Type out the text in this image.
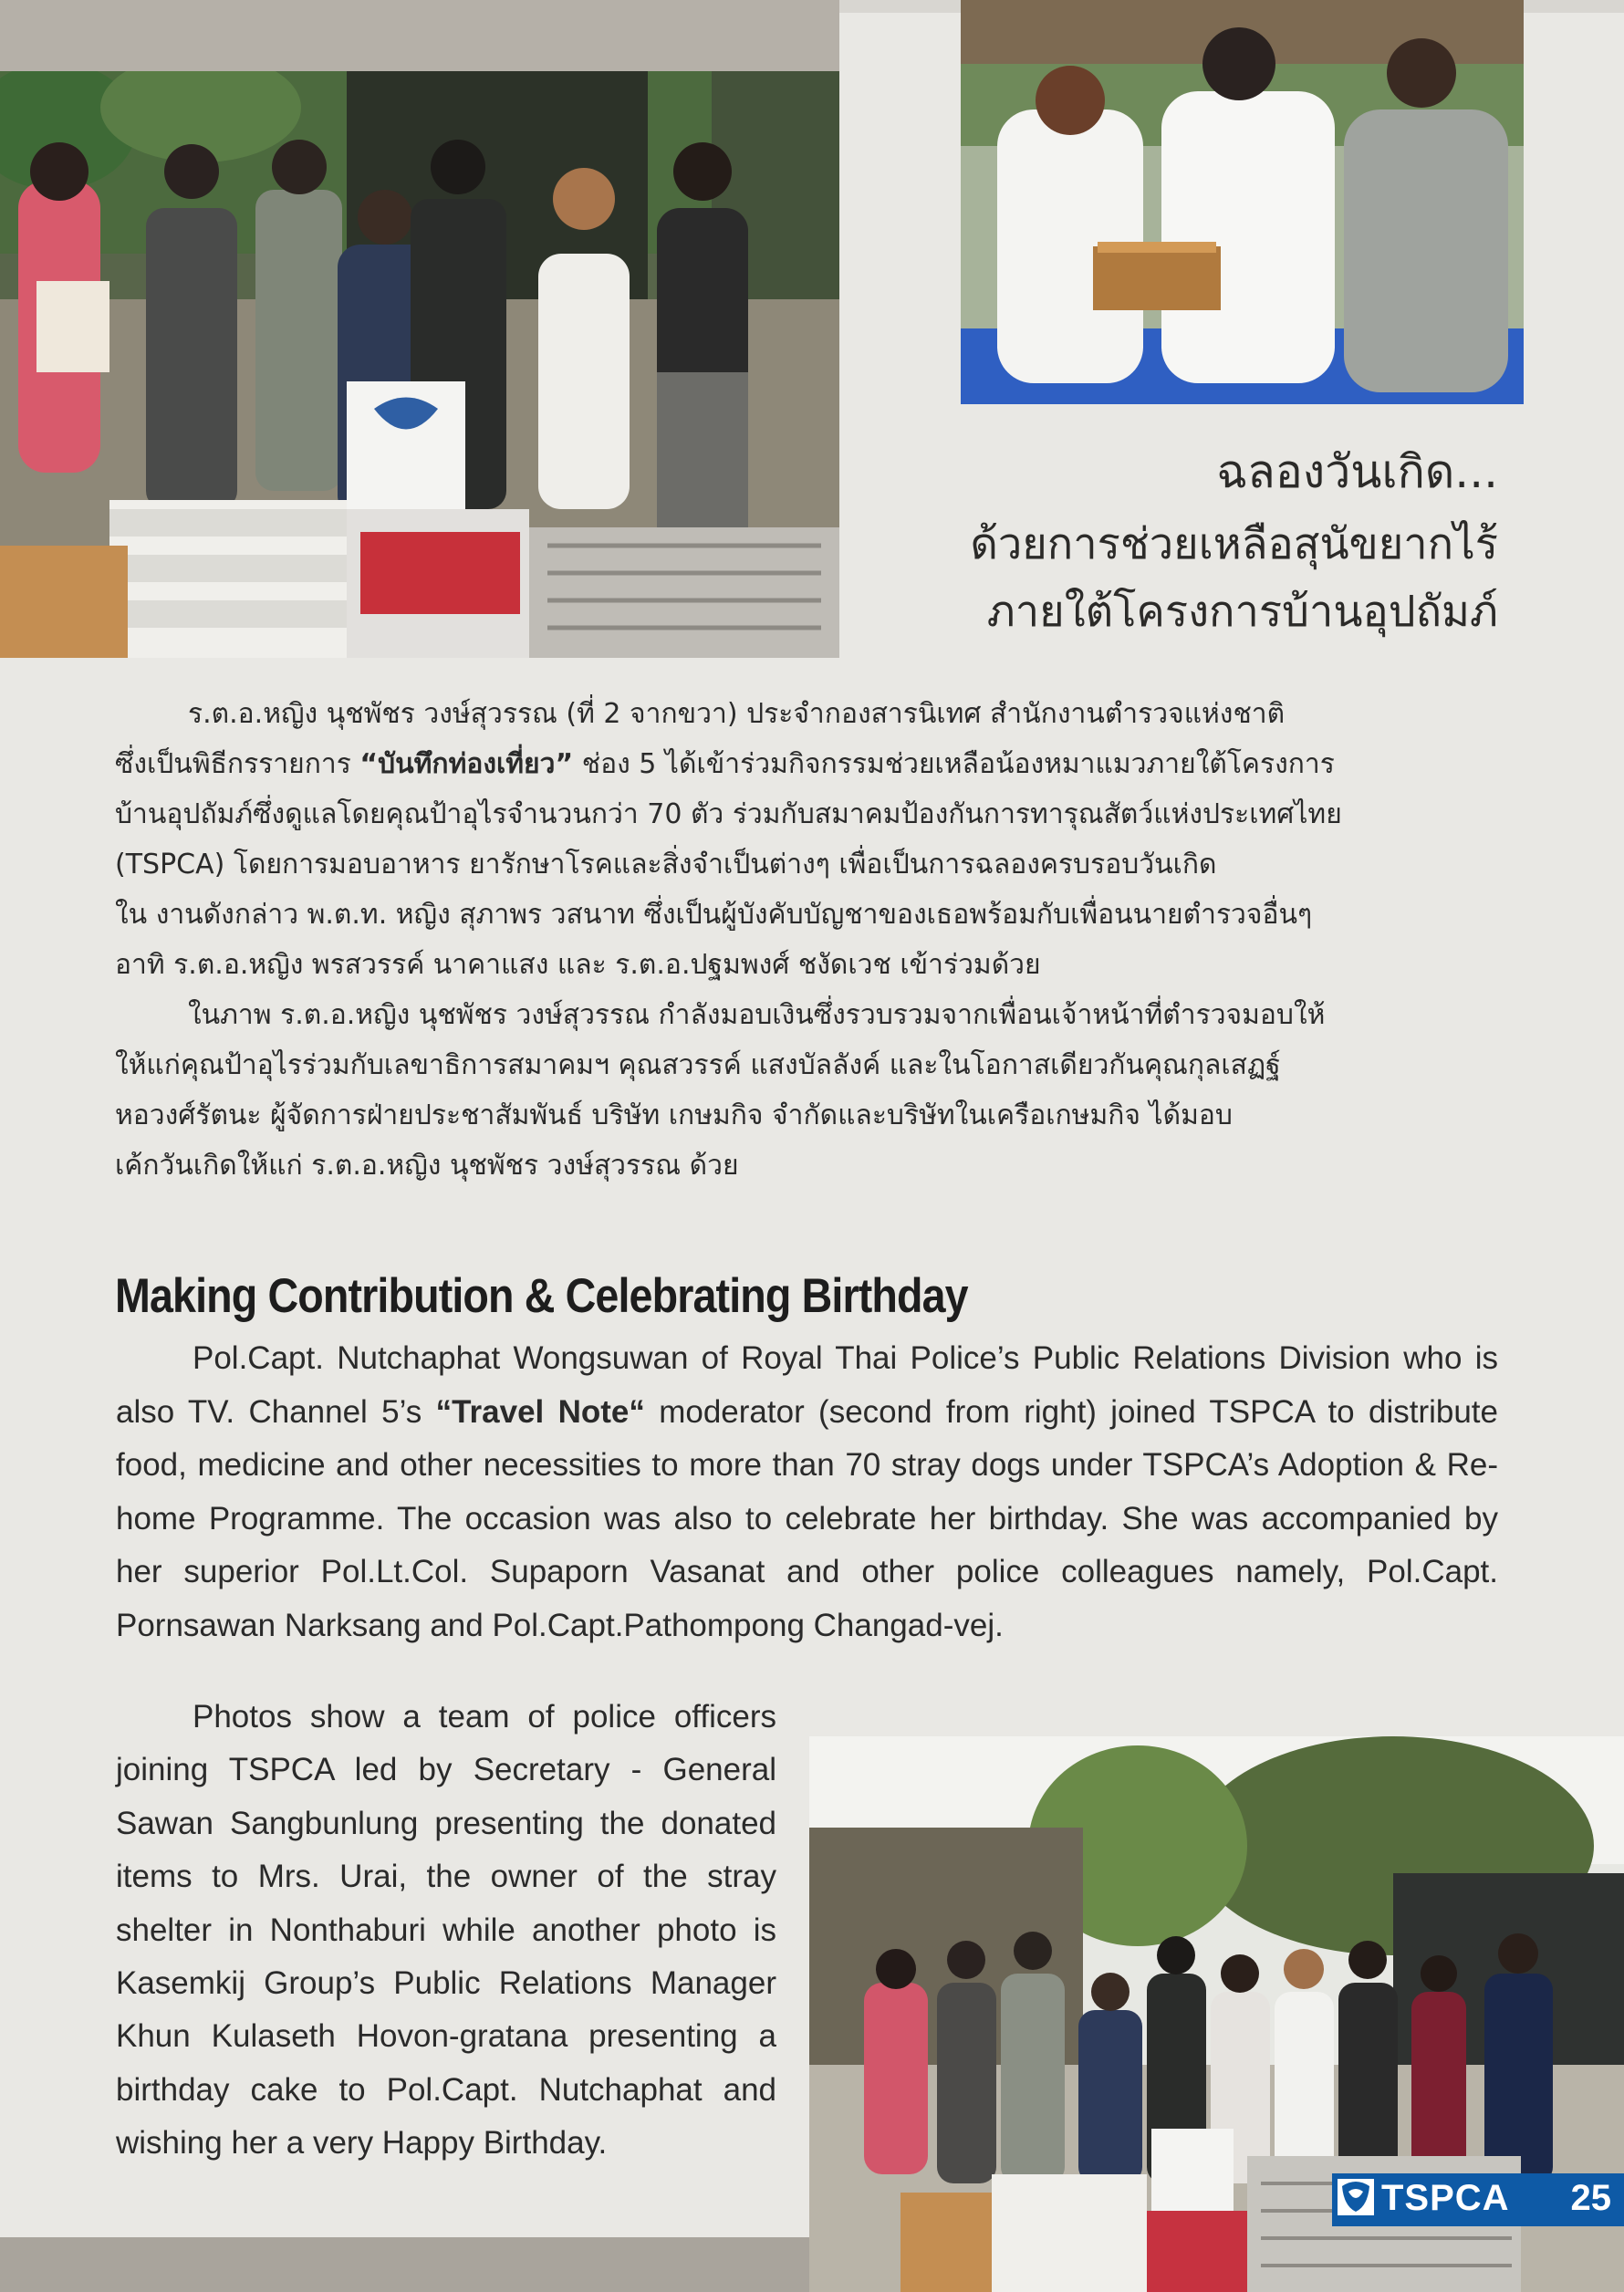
ฉลองวันเกิด...
ด้วยการช่วยเหลือสุนัขยากไร้
ภายใต้โครงการบ้านอุปถัมภ์

ร.ต.อ.หญิง นุชพัชร วงษ์สุวรรณ (ที่ 2 จากขวา) ประจำกองสารนิเทศ สำนักงานตำรวจแห่งชาติ

ซึ่งเป็นพิธีกรรายการ “บันทึกท่องเที่ยว” ช่อง 5 ได้เข้าร่วมกิจกรรมช่วยเหลือน้องหมาแมวภายใต้โครงการ

บ้านอุปถัมภ์ซึ่งดูแลโดยคุณป้าอุไรจำนวนกว่า 70 ตัว ร่วมกับสมาคมป้องกันการทารุณสัตว์แห่งประเทศไทย

(TSPCA) โดยการมอบอาหาร ยารักษาโรคและสิ่งจำเป็นต่างๆ เพื่อเป็นการฉลองครบรอบวันเกิด

ใน งานดังกล่าว พ.ต.ท. หญิง สุภาพร วสนาท ซึ่งเป็นผู้บังคับบัญชาของเธอพร้อมกับเพื่อนนายตำรวจอื่นๆ

อาทิ ร.ต.อ.หญิง พรสวรรค์ นาคาแสง และ ร.ต.อ.ปฐมพงศ์ ชงัดเวช เข้าร่วมด้วย

ในภาพ ร.ต.อ.หญิง นุชพัชร วงษ์สุวรรณ กำลังมอบเงินซึ่งรวบรวมจากเพื่อนเจ้าหน้าที่ตำรวจมอบให้

ให้แก่คุณป้าอุไรร่วมกับเลขาธิการสมาคมฯ คุณสวรรค์ แสงบัลลังค์ และในโอกาสเดียวกันคุณกุลเสฏฐ์

หอวงศ์รัตนะ ผู้จัดการฝ่ายประชาสัมพันธ์ บริษัท เกษมกิจ จำกัดและบริษัทในเครือเกษมกิจ ได้มอบ

เค้กวันเกิดให้แก่ ร.ต.อ.หญิง นุชพัชร วงษ์สุวรรณ ด้วย

Making Contribution & Celebrating Birthday

Pol.Capt. Nutchaphat Wongsuwan of Royal Thai Police’s Public Relations Division who is also TV. Channel 5’s “Travel Note“ moderator (second from right) joined TSPCA to distribute food, medicine and other necessities to more than 70 stray dogs under TSPCA’s Adoption & Re-home Programme. The occasion was also to celebrate her birthday. She was accompanied by her superior Pol.Lt.Col. Supaporn Vasanat and other police colleagues namely, Pol.Capt. Pornsawan Narksang and Pol.Capt.Pathompong Changad-vej.

Photos show a team of police officers joining TSPCA led by Secretary - General Sawan Sangbunlung presenting the donated items to Mrs. Urai, the owner of the stray shelter in Nonthaburi while another photo is Kasemkij Group’s Public Relations Manager Khun Kulaseth Hovon-gratana presenting a birthday cake to Pol.Capt. Nutchaphat and wishing her a very Happy Birthday.

TSPCA 25
